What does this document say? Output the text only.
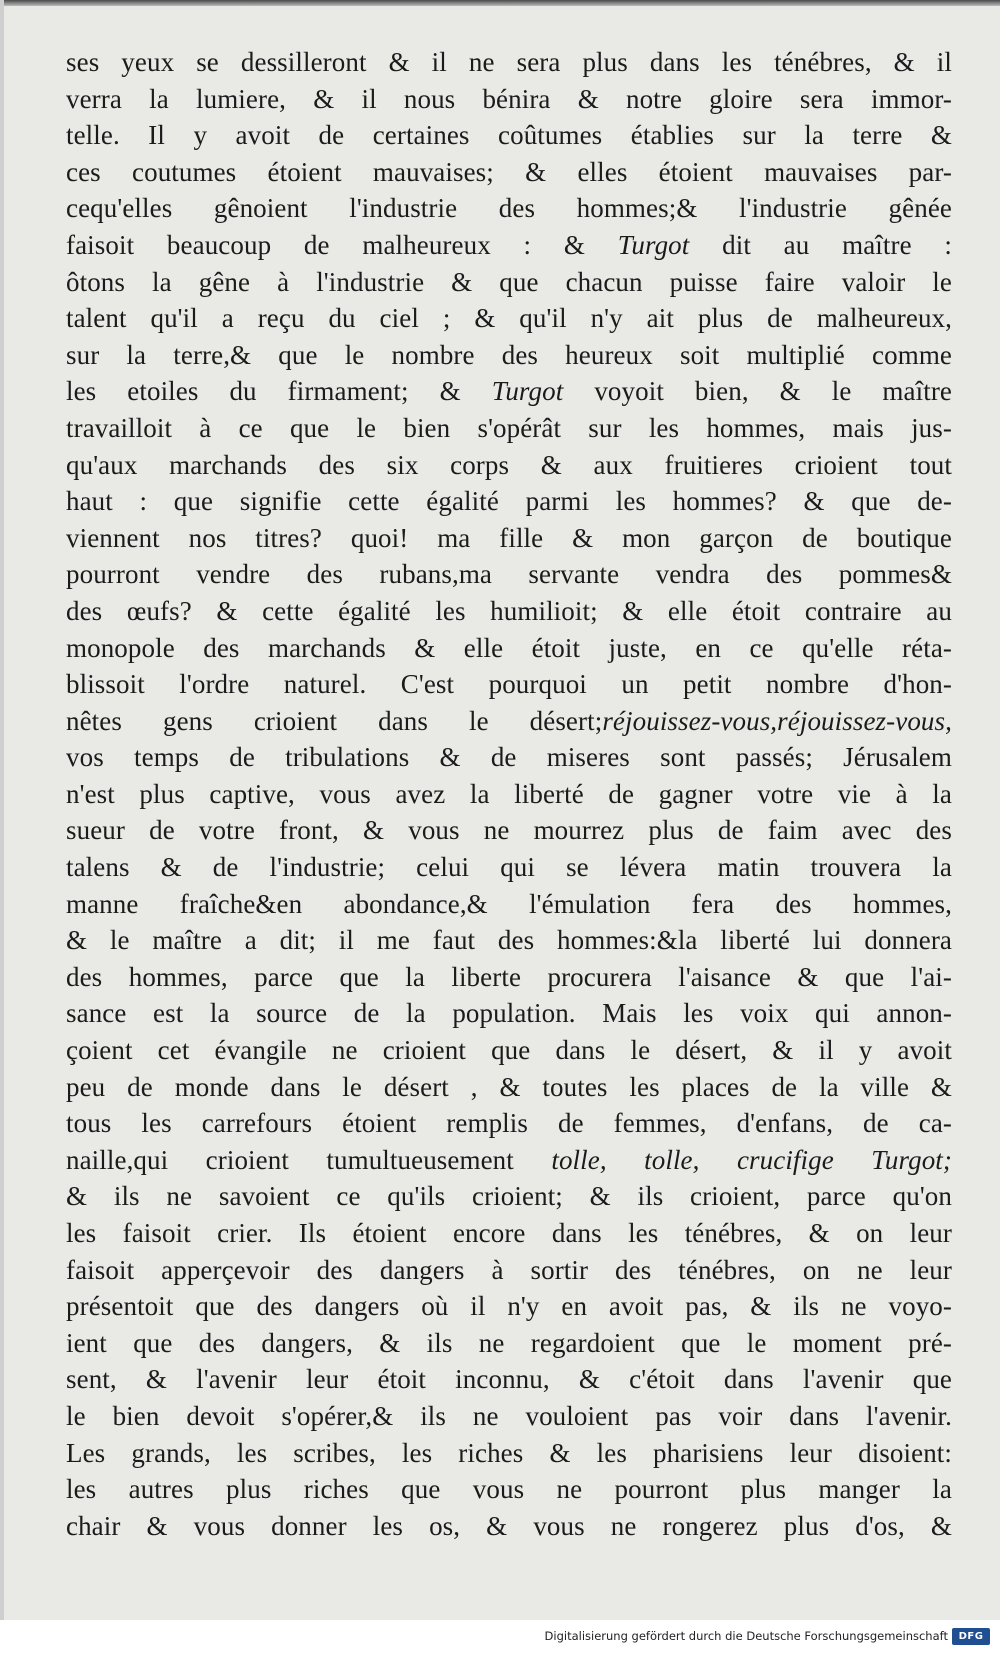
ses yeux se dessilleront & il ne sera plus dans les ténébres, & il
verra la lumiere, & il nous bénira & notre gloire sera immor-
telle. Il y avoit de certaines coûtumes établies sur la terre &
ces coutumes étoient mauvaises; & elles étoient mauvaises par-
cequ'elles gênoient l'industrie des hommes;& l'industrie gênée
faisoit beaucoup de malheureux : & Turgot dit au maître :
ôtons la gêne à l'industrie & que chacun puisse faire valoir le
talent qu'il a reçu du ciel ; & qu'il n'y ait plus de malheureux,
sur la terre,& que le nombre des heureux soit multiplié comme
les etoiles du firmament; & Turgot voyoit bien, & le maître
travailloit à ce que le bien s'opérât sur les hommes, mais jus-
qu'aux marchands des six corps & aux fruitieres crioient tout
haut : que signifie cette égalité parmi les hommes? & que de-
viennent nos titres? quoi! ma fille & mon garçon de boutique
pourront vendre des rubans,ma servante vendra des pommes&
des œufs? & cette égalité les humilioit; & elle étoit contraire au
monopole des marchands & elle étoit juste, en ce qu'elle réta-
blissoit l'ordre naturel. C'est pourquoi un petit nombre d'hon-
nêtes gens crioient dans le désert;réjouissez-vous,réjouissez-vous,
vos temps de tribulations & de miseres sont passés; Jérusalem
n'est plus captive, vous avez la liberté de gagner votre vie à la
sueur de votre front, & vous ne mourrez plus de faim avec des
talens & de l'industrie; celui qui se lévera matin trouvera la
manne fraîche&en abondance,& l'émulation fera des hommes,
& le maître a dit; il me faut des hommes:&la liberté lui donnera
des hommes, parce que la liberte procurera l'aisance & que l'ai-
sance est la source de la population. Mais les voix qui annon-
çoient cet évangile ne crioient que dans le désert, & il y avoit
peu de monde dans le désert , & toutes les places de la ville &
tous les carrefours étoient remplis de femmes, d'enfans, de ca-
naille,qui crioient tumultueusement tolle, tolle, crucifige Turgot;
& ils ne savoient ce qu'ils crioient; & ils crioient, parce qu'on
les faisoit crier. Ils étoient encore dans les ténébres, & on leur
faisoit apperçevoir des dangers à sortir des ténébres, on ne leur
présentoit que des dangers où il n'y en avoit pas, & ils ne voyo-
ient que des dangers, & ils ne regardoient que le moment pré-
sent, & l'avenir leur étoit inconnu, & c'étoit dans l'avenir que
le bien devoit s'opérer,& ils ne vouloient pas voir dans l'avenir.
Les grands, les scribes, les riches & les pharisiens leur disoient:
les autres plus riches que vous ne pourront plus manger la
chair & vous donner les os, & vous ne rongerez plus d'os, &
Digitalisierung gefördert durch die Deutsche Forschungsgemeinschaft	DFG
